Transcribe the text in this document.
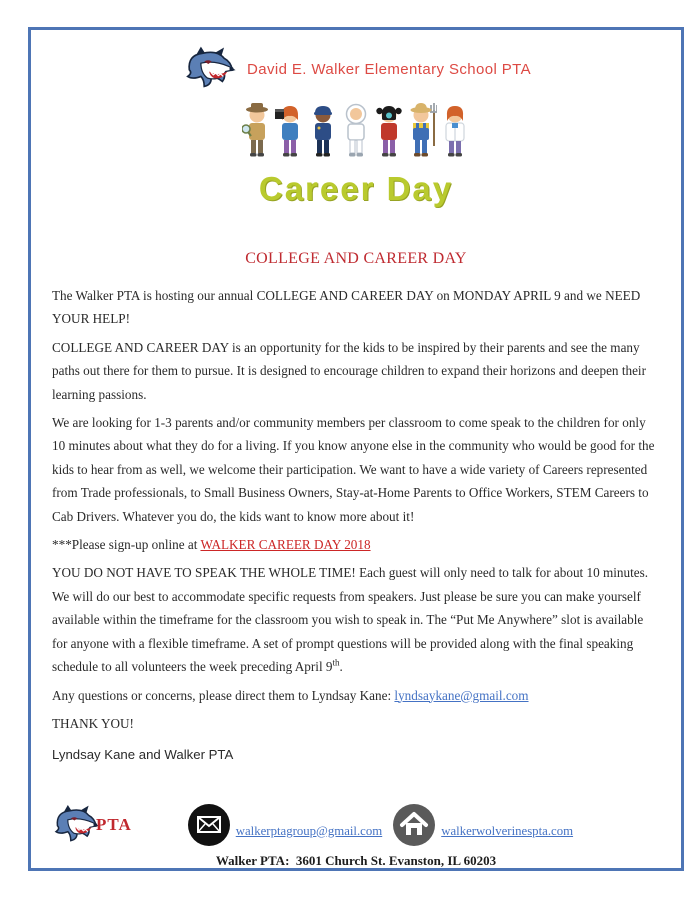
David E. Walker Elementary School PTA
Career Day
COLLEGE AND CAREER DAY

The Walker PTA is hosting our annual COLLEGE AND CAREER DAY on MONDAY APRIL 9 and we NEED YOUR HELP!

COLLEGE AND CAREER DAY is an opportunity for the kids to be inspired by their parents and see the many paths out there for them to pursue. It is designed to encourage children to expand their horizons and deepen their learning passions.

We are looking for 1-3 parents and/or community members per classroom to come speak to the children for only 10 minutes about what they do for a living. If you know anyone else in the community who would be good for the kids to hear from as well, we welcome their participation. We want to have a wide variety of Careers represented from Trade professionals, to Small Business Owners, Stay-at-Home Parents to Office Workers, STEM Careers to Cab Drivers. Whatever you do, the kids want to know more about it!

***Please sign-up online at WALKER CAREER DAY 2018

YOU DO NOT HAVE TO SPEAK THE WHOLE TIME! Each guest will only need to talk for about 10 minutes. We will do our best to accommodate specific requests from speakers. Just please be sure you can make yourself available within the timeframe for the classroom you wish to speak in. The “Put Me Anywhere” slot is available for anyone with a flexible timeframe. A set of prompt questions will be provided along with the final speaking schedule to all volunteers the week preceding April 9th.

Any questions or concerns, please direct them to Lyndsay Kane: lyndsaykane@gmail.com

THANK YOU!

Lyndsay Kane and Walker PTA

PTA	walkerptagroup@gmail.com	walkerwolverinespta.com
Walker PTA:  3601 Church St. Evanston, IL 60203
